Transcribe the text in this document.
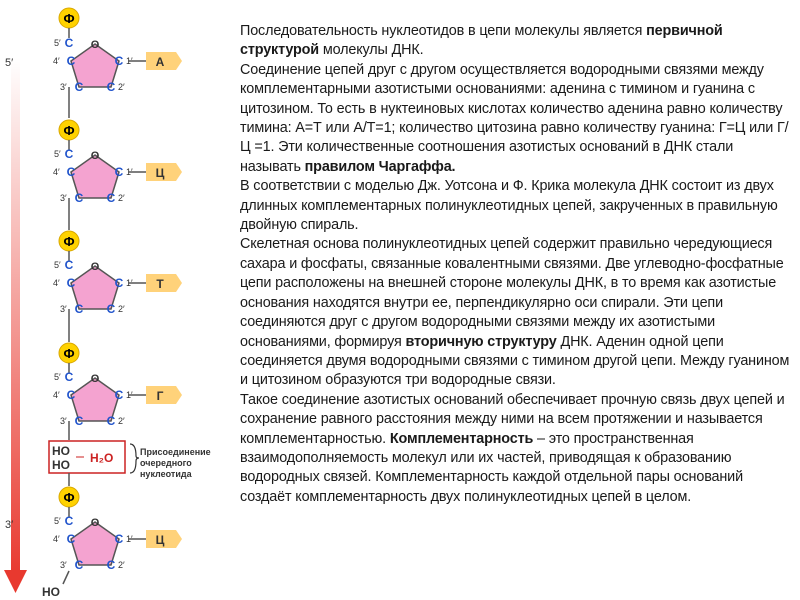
5′
3′
Ф
O
C
5′
C
4′	C 1′
C
3′	C 2′
А
Ф
O
C
5′
C
4′	C 1′
C
3′	C 2′
Ц
Ф
O
C
5′
C
4′	C 1′
C
3′	C 2′
Т
Ф
O
C
5′
C
4′	C 1′
C
3′	C 2′
Г
HO
HO H₂O	Присоединение
очередного
нуклеотида
Ф
O
C
5′
C
4′	C 1′
C
3′	C 2′
Ц
HO

Последовательность нуклеотидов в цепи молекулы является первичной структурой молекулы ДНК.

Соединение цепей друг с другом осуществляется водородными связями между комплементарными азотистыми основаниями: аденина с тимином и гуанина с цитозином. То есть в нуктеиновых кислотах количество аденина равно количеству тимина: А=Т или А/Т=1; количество цитозина равно количеству гуанина: Г=Ц или Г/Ц =1. Эти количественные соотношения азотистых оснований в ДНК стали называть правилом Чаргаффа.

В соответствии с моделью Дж. Уотсона и Ф. Крика молекула ДНК состоит из двух длинных комплементарных полинуклеотидных цепей, закрученных в правильную двойную спираль.

Скелетная основа полинуклеотидных цепей содержит правильно чередующиеся сахара и фосфаты, связанные ковалентными связями. Две углеводно-фосфатные цепи расположены на внешней стороне молекулы ДНК, в то время как азотистые основания находятся внутри ее, перпендикулярно оси спирали. Эти цепи соединяются друг с другом водородными связями между их азотистыми основаниями, формируя вторичную структуру ДНК. Аденин одной цепи соединяется двумя водородными связями с тимином другой цепи. Между гуанином и цитозином образуются три водородные связи.

Такое соединение азотистых оснований обеспечивает прочную связь двух цепей и сохранение равного расстояния между ними на всем протяжении и называется комплементарностью. Комплементарность – это пространственная взаимодополняемость молекул или их частей, приводящая к образованию водородных связей. Комплементарность каждой отдельной пары оснований создаёт комплементарность двух полинуклеотидных цепей в целом.
